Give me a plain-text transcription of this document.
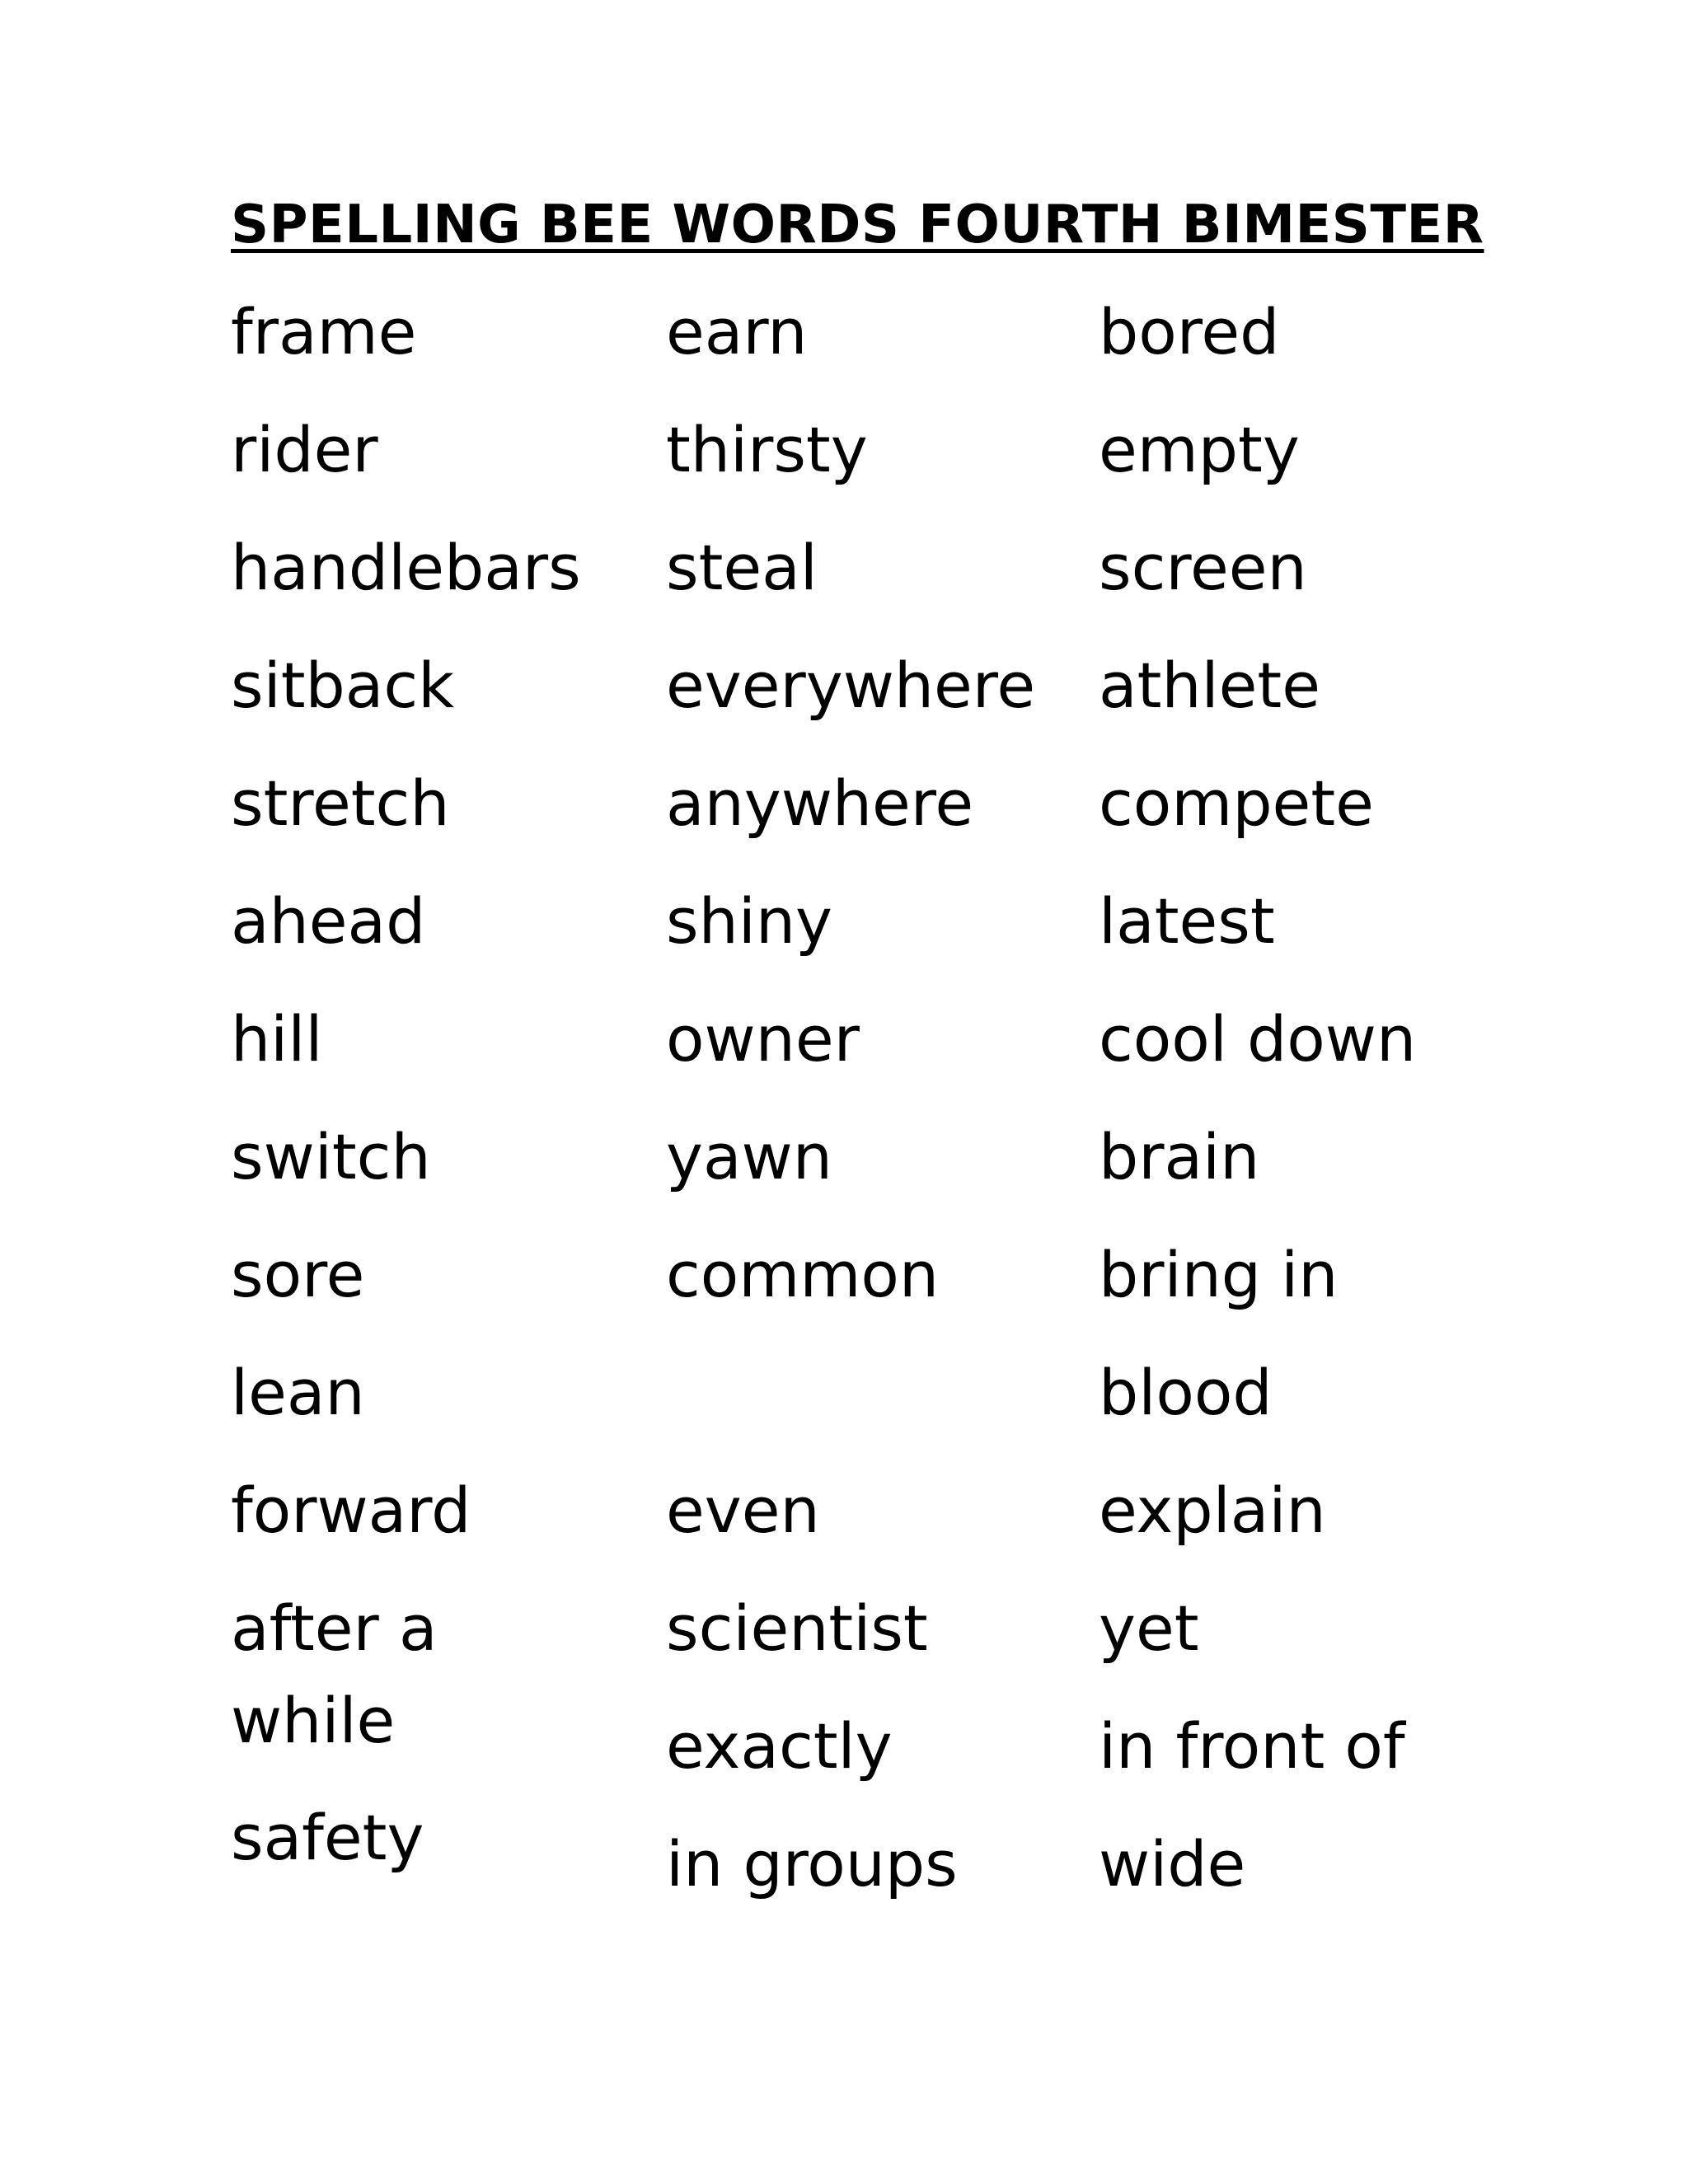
SPELLING BEE WORDS FOURTH BIMESTER
frame
rider
handlebars
sitback
stretch
ahead
hill
switch
sore
lean
forward
after a
while
safety
earn
thirsty
steal
everywhere
anywhere
shiny
owner
yawn
common
even
scientist
exactly
in groups
bored
empty
screen
athlete
compete
latest
cool down
brain
bring in
blood
explain
yet
in front of
wide
